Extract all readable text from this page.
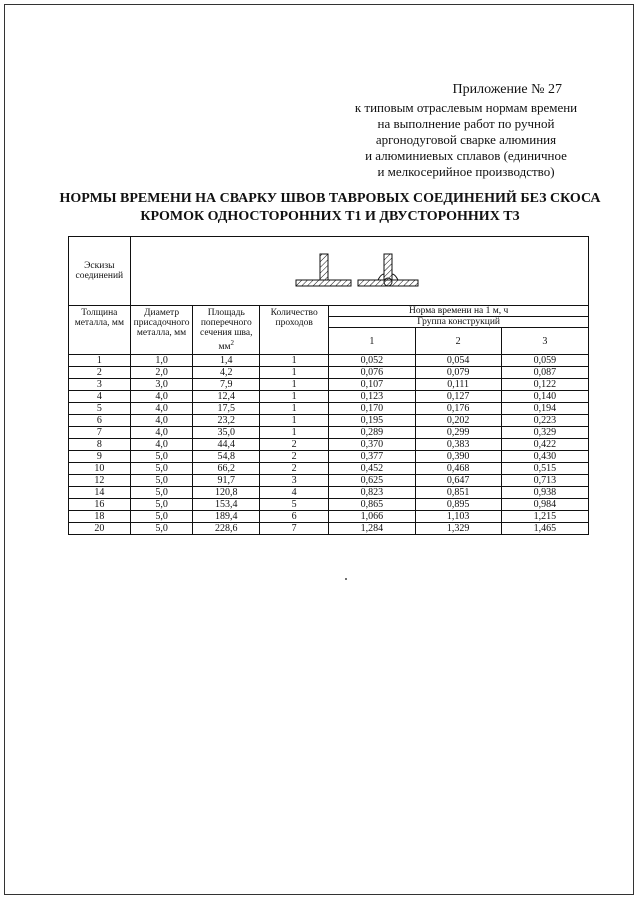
Приложение № 27
к типовым отраслевым нормам времени
на выполнение работ по ручной
аргонодуговой сварке алюминия
и алюминиевых сплавов (единичное
и мелкосерийное производство)
НОРМЫ ВРЕМЕНИ НА СВАРКУ ШВОВ ТАВРОВЫХ СОЕДИНЕНИЙ БЕЗ СКОСА
КРОМОК ОДНОСТОРОННИХ Т1 И ДВУСТОРОННИХ Т3
Эскизы соединений	

Толщина металла, мм	Диаметр присадочного металла, мм	Площадь поперечного сечения шва, $мм^2$	Количество проходов	Норма времени на 1 м, ч		
				Группа конструкций		
				1	2	3
1	1,0	1,4	1	0,052	0,054	0,059
2	2,0	4,2	1	0,076	0,079	0,087
3	3,0	7,9	1	0,107	0,111	0,122
4	4,0	12,4	1	0,123	0,127	0,140
5	4,0	17,5	1	0,170	0,176	0,194
6	4,0	23,2	1	0,195	0,202	0,223
7	4,0	35,0	1	0,289	0,299	0,329
8	4,0	44,4	2	0,370	0,383	0,422
9	5,0	54,8	2	0,377	0,390	0,430
10	5,0	66,2	2	0,452	0,468	0,515
12	5,0	91,7	3	0,625	0,647	0,713
14	5,0	120,8	4	0,823	0,851	0,938
16	5,0	153,4	5	0,865	0,895	0,984
18	5,0	189,4	6	1,066	1,103	1,215
20	5,0	228,6	7	1,284	1,329	1,465
